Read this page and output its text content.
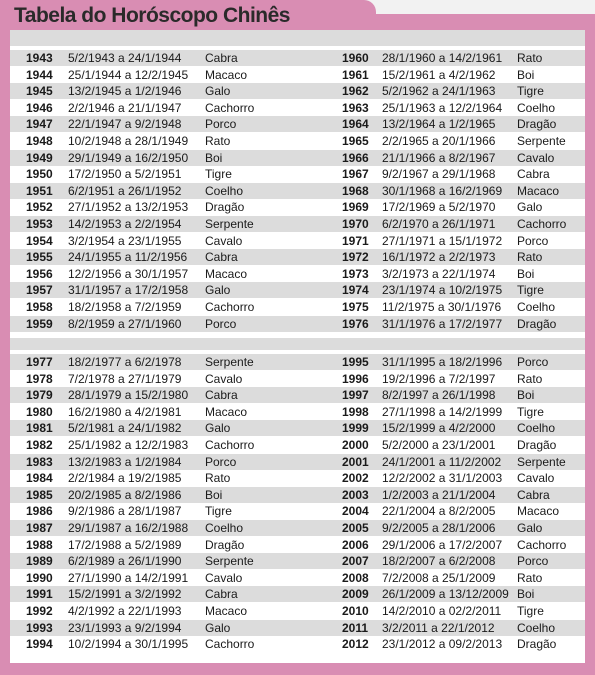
Tabela do Horóscopo Chinês
1943 5/2/1943 a 24/1/1944 Cabra	1960 28/1/1960 a 14/2/1961 Rato
1944 25/1/1944 a 12/2/1945 Macaco	1961 15/2/1961 a 4/2/1962 Boi
1945 13/2/1945 a 1/2/1946 Galo	1962 5/2/1962 a 24/1/1963 Tigre
1946 2/2/1946 a 21/1/1947 Cachorro	1963 25/1/1963 a 12/2/1964 Coelho
1947 22/1/1947 a 9/2/1948 Porco	1964 13/2/1964 a 1/2/1965 Dragão
1948 10/2/1948 a 28/1/1949 Rato	1965 2/2/1965 a 20/1/1966 Serpente
1949 29/1/1949 a 16/2/1950 Boi	1966 21/1/1966 a 8/2/1967 Cavalo
1950 17/2/1950 a 5/2/1951 Tigre	1967 9/2/1967 a 29/1/1968 Cabra
1951 6/2/1951 a 26/1/1952 Coelho	1968 30/1/1968 a 16/2/1969 Macaco
1952 27/1/1952 a 13/2/1953 Dragão	1969 17/2/1969 a 5/2/1970 Galo
1953 14/2/1953 a 2/2/1954 Serpente	1970 6/2/1970 a 26/1/1971 Cachorro
1954 3/2/1954 a 23/1/1955 Cavalo	1971 27/1/1971 a 15/1/1972 Porco
1955 24/1/1955 a 11/2/1956 Cabra	1972 16/1/1972 a 2/2/1973 Rato
1956 12/2/1956 a 30/1/1957 Macaco	1973 3/2/1973 a 22/1/1974 Boi
1957 31/1/1957 a 17/2/1958 Galo	1974 23/1/1974 a 10/2/1975 Tigre
1958 18/2/1958 a 7/2/1959 Cachorro	1975 11/2/1975 a 30/1/1976 Coelho
1959 8/2/1959 a 27/1/1960 Porco	1976 31/1/1976 a 17/2/1977 Dragão
1977 18/2/1977 a 6/2/1978 Serpente	1995 31/1/1995 a 18/2/1996 Porco
1978 7/2/1978 a 27/1/1979 Cavalo	1996 19/2/1996 a 7/2/1997 Rato
1979 28/1/1979 a 15/2/1980 Cabra	1997 8/2/1997 a 26/1/1998 Boi
1980 16/2/1980 a 4/2/1981 Macaco	1998 27/1/1998 a 14/2/1999 Tigre
1981 5/2/1981 a 24/1/1982 Galo	1999 15/2/1999 a 4/2/2000 Coelho
1982 25/1/1982 a 12/2/1983 Cachorro	2000 5/2/2000 a 23/1/2001 Dragão
1983 13/2/1983 a 1/2/1984 Porco	2001 24/1/2001 a 11/2/2002 Serpente
1984 2/2/1984 a 19/2/1985 Rato	2002 12/2/2002 a 31/1/2003 Cavalo
1985 20/2/1985 a 8/2/1986 Boi	2003 1/2/2003 a 21/1/2004 Cabra
1986 9/2/1986 a 28/1/1987 Tigre	2004 22/1/2004 a 8/2/2005 Macaco
1987 29/1/1987 a 16/2/1988 Coelho	2005 9/2/2005 a 28/1/2006 Galo
1988 17/2/1988 a 5/2/1989 Dragão	2006 29/1/2006 a 17/2/2007 Cachorro
1989 6/2/1989 a 26/1/1990 Serpente	2007 18/2/2007 a 6/2/2008 Porco
1990 27/1/1990 a 14/2/1991 Cavalo	2008 7/2/2008 a 25/1/2009 Rato
1991 15/2/1991 a 3/2/1992 Cabra	2009 26/1/2009 a 13/12/2009 Boi
1992 4/2/1992 a 22/1/1993 Macaco	2010 14/2/2010 a 02/2/2011 Tigre
1993 23/1/1993 a 9/2/1994 Galo	2011 3/2/2011 a 22/1/2012 Coelho
1994 10/2/1994 a 30/1/1995 Cachorro	2012 23/1/2012 a 09/2/2013 Dragão
